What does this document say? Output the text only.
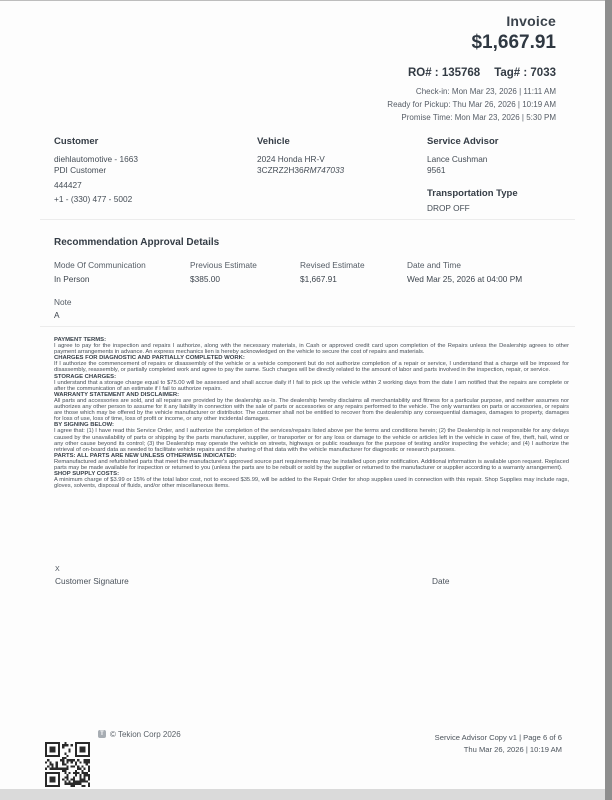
Invoice
$1,667.91
RO# : 135768 Tag# : 7033
Check-in: Mon Mar 23, 2026 | 11:11 AM
Ready for Pickup: Thu Mar 26, 2026 | 10:19 AM
Promise Time: Mon Mar 23, 2026 | 5:30 PM
Customer
diehlautomotive - 1663
PDI Customer
444427
+1 - (330) 477 - 5002
Vehicle
2024 Honda HR-V
3CZRZ2H36RM747033
Service Advisor
Lance Cushman
9561
Transportation Type
DROP OFF
Recommendation Approval Details
Mode Of Communication
In Person
Previous Estimate
$385.00
Revised Estimate
$1,667.91
Date and Time
Wed Mar 25, 2026 at 04:00 PM
Note
A
PAYMENT TERMS:
I agree to pay for the inspection and repairs I authorize, along with the necessary materials, in Cash or approved credit card upon completion of the Repairs unless the Dealership agrees to other payment arrangements in advance. An express mechanics lien is hereby acknowledged on the vehicle to secure the cost of repairs and materials.
CHARGES FOR DIAGNOSTIC AND PARTIALLY COMPLETED WORK:
If I authorize the commencement of repairs or disassembly of the vehicle or a vehicle component but do not authorize completion of a repair or service, I understand that a charge will be imposed for disassembly, reassembly, or partially completed work and agree to pay the same. Such charges will be directly related to the amount of labor and parts involved in the inspection, repair, or service.
STORAGE CHARGES:
I understand that a storage charge equal to $75.00 will be assessed and shall accrue daily if I fail to pick up the vehicle within 2 working days from the date I am notified that the repairs are complete or after the communication of an estimate if I fail to authorize repairs.
WARRANTY STATEMENT AND DISCLAIMER:
All parts and accessories are sold, and all repairs are provided by the dealership as-is. The dealership hereby disclaims all merchantability and fitness for a particular purpose, and neither assumes nor authorizes any other person to assume for it any liability in connection with the sale of parts or accessories or any repairs performed to the vehicle. The only warranties on parts or accessories, or repairs are those which may be offered by the vehicle manufacturer or distributor. The customer shall not be entitled to recover from the dealership any consequential damages, damages to property, damages for loss of use, loss of time, loss of profit or income, or any other incidental damages.
BY SIGNING BELOW:
I agree that: (1) I have read this Service Order, and I authorize the completion of the services/repairs listed above per the terms and conditions herein; (2) the Dealership is not responsible for any delays caused by the unavailability of parts or shipping by the parts manufacturer, supplier, or transporter or for any loss or damage to the vehicle or articles left in the vehicle in case of fire, theft, hail, wind or any other cause beyond its control; (3) the Dealership may operate the vehicle on streets, highways or public roadways for the purpose of testing and/or inspecting the vehicle; and (4) I authorize the retrieval of on-board data as needed to facilitate vehicle repairs and the sharing of that data with the vehicle manufacturer for diagnostic or research purposes.
PARTS: ALL PARTS ARE NEW UNLESS OTHERWISE INDICATED:
Remanufactured and refurbished parts that meet the manufacturer's approved source part requirements may be installed upon prior notification. Additional information is available upon request. Replaced parts may be made available for inspection or returned to you (unless the parts are to be rebuilt or sold by the supplier or returned to the manufacturer or supplier according to a warranty arrangement).
SHOP SUPPLY COSTS:
A minimum charge of $3.99 or 15% of the total labor cost, not to exceed $35.99, will be added to the Repair Order for shop supplies used in connection with this repair. Shop Supplies may include rags, gloves, solvents, disposal of fluids, and/or other miscellaneous items.
X
Customer Signature	Date
T © Tekion Corp 2026	Service Advisor Copy v1 | Page 6 of 6
Thu Mar 26, 2026 | 10:19 AM
